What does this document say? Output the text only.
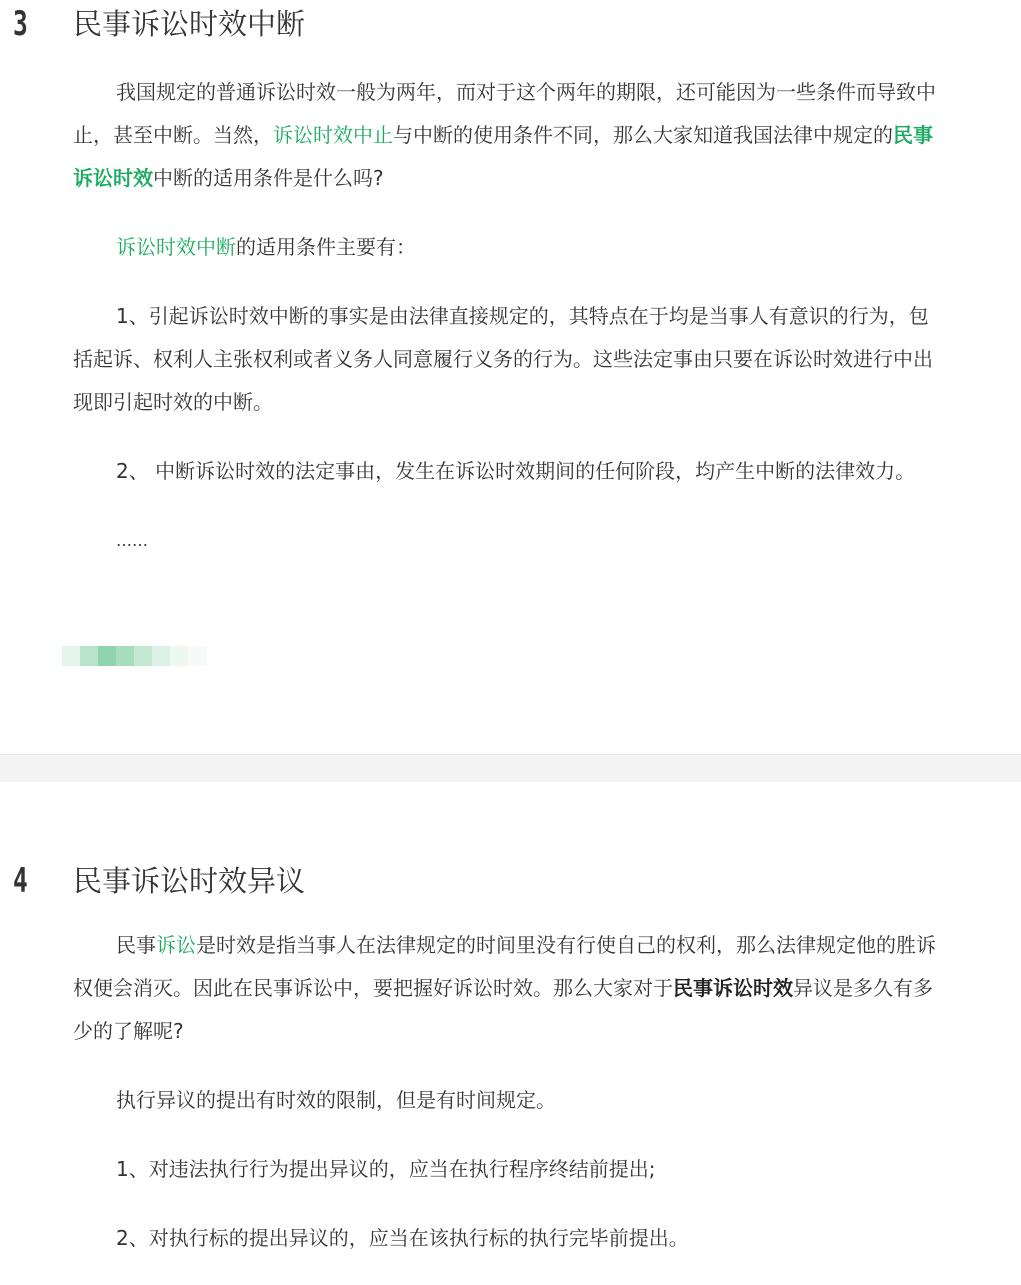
3 民事诉讼时效中断

我国规定的普通诉讼时效一般为两年，而对于这个两年的期限，还可能因为一些条件而导致中止，甚至中断。当然，诉讼时效中止与中断的使用条件不同，那么大家知道我国法律中规定的民事诉讼时效中断的适用条件是什么吗?

诉讼时效中断的适用条件主要有：

1、引起诉讼时效中断的事实是由法律直接规定的，其特点在于均是当事人有意识的行为，包括起诉、权利人主张权利或者义务人同意履行义务的行为。这些法定事由只要在诉讼时效进行中出现即引起时效的中断。

2、 中断诉讼时效的法定事由，发生在诉讼时效期间的任何阶段，均产生中断的法律效力。

……

4 民事诉讼时效异议

民事诉讼是时效是指当事人在法律规定的时间里没有行使自己的权利，那么法律规定他的胜诉权便会消灭。因此在民事诉讼中，要把握好诉讼时效。那么大家对于民事诉讼时效异议是多久有多少的了解呢?

执行异议的提出有时效的限制，但是有时间规定。

1、对违法执行行为提出异议的，应当在执行程序终结前提出;

2、对执行标的提出异议的，应当在该执行标的执行完毕前提出。
